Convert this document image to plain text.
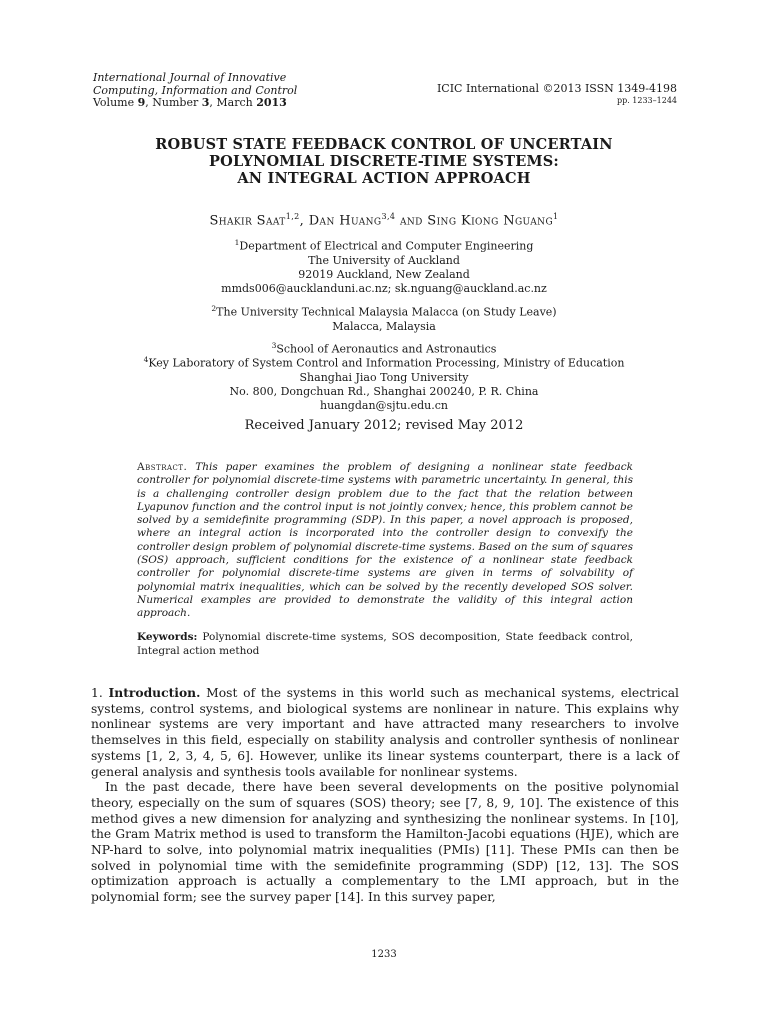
International Journal of Innovative
Computing, Information and Control
Volume 9, Number 3, March 2013
ICIC International ©2013 ISSN 1349-4198
pp. 1233–1244
ROBUST STATE FEEDBACK CONTROL OF UNCERTAIN
POLYNOMIAL DISCRETE-TIME SYSTEMS:
AN INTEGRAL ACTION APPROACH
Shakir Saat$^{1,2}$, Dan Huang$^{3,4}$ and Sing Kiong Nguang$^1$
$^1$Department of Electrical and Computer Engineering
The University of Auckland
92019 Auckland, New Zealand
mmds006@aucklanduni.ac.nz; sk.nguang@auckland.ac.nz
$^2$The University Technical Malaysia Malacca (on Study Leave)
Malacca, Malaysia
$^3$School of Aeronautics and Astronautics
$^4$Key Laboratory of System Control and Information Processing, Ministry of Education
Shanghai Jiao Tong University
No. 800, Dongchuan Rd., Shanghai 200240, P. R. China
huangdan@sjtu.edu.cn
Received January 2012; revised May 2012
Abstract. This paper examines the problem of designing a nonlinear state feedback controller for polynomial discrete-time systems with parametric uncertainty. In general, this is a challenging controller design problem due to the fact that the relation between Lyapunov function and the control input is not jointly convex; hence, this problem cannot be solved by a semidefinite programming (SDP). In this paper, a novel approach is proposed, where an integral action is incorporated into the controller design to convexify the controller design problem of polynomial discrete-time systems. Based on the sum of squares (SOS) approach, sufficient conditions for the existence of a nonlinear state feedback controller for polynomial discrete-time systems are given in terms of solvability of polynomial matrix inequalities, which can be solved by the recently developed SOS solver. Numerical examples are provided to demonstrate the validity of this integral action approach.
Keywords: Polynomial discrete-time systems, SOS decomposition, State feedback control, Integral action method

1. Introduction. Most of the systems in this world such as mechanical systems, electrical systems, control systems, and biological systems are nonlinear in nature. This explains why nonlinear systems are very important and have attracted many researchers to involve themselves in this field, especially on stability analysis and controller synthesis of nonlinear systems [1, 2, 3, 4, 5, 6]. However, unlike its linear systems counterpart, there is a lack of general analysis and synthesis tools available for nonlinear systems.

In the past decade, there have been several developments on the positive polynomial theory, especially on the sum of squares (SOS) theory; see [7, 8, 9, 10]. The existence of this method gives a new dimension for analyzing and synthesizing the nonlinear systems. In [10], the Gram Matrix method is used to transform the Hamilton-Jacobi equations (HJE), which are NP-hard to solve, into polynomial matrix inequalities (PMIs) [11]. These PMIs can then be solved in polynomial time with the semidefinite programming (SDP) [12, 13]. The SOS optimization approach is actually a complementary to the LMI approach, but in the polynomial form; see the survey paper [14]. In this survey paper,

1233
